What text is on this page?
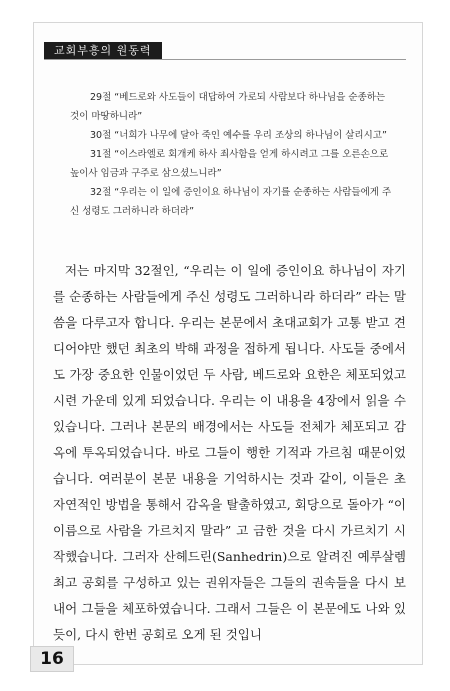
교회부흥의 원동력

29절 “베드로와 사도들이 대답하여 가로되 사람보다 하나님을 순종하는 것이 마땅하니라”

30절 “너희가 나무에 달아 죽인 예수를 우리 조상의 하나님이 살리시고”

31절 “이스라엘로 회개케 하사 죄사함을 얻게 하시려고 그를 오른손으로 높이사 임금과 구주로 삼으셨느니라”

32절 “우리는 이 일에 증인이요 하나님이 자기를 순종하는 사람들에게 주신 성령도 그러하니라 하더라”

저는 마지막 32절인, “우리는 이 일에 증인이요 하나님이 자기를 순종하는 사람들에게 주신 성령도 그러하니라 하더라” 라는 말씀을 다루고자 합니다. 우리는 본문에서 초대교회가 고통 받고 견디어야만 했던 최초의 박해 과정을 접하게 됩니다. 사도들 중에서도 가장 중요한 인물이었던 두 사람, 베드로와 요한은 체포되었고 시련 가운데 있게 되었습니다. 우리는 이 내용을 4장에서 읽을 수 있습니다. 그러나 본문의 배경에서는 사도들 전체가 체포되고 감옥에 투옥되었습니다. 바로 그들이 행한 기적과 가르침 때문이었습니다. 여러분이 본문 내용을 기억하시는 것과 같이, 이들은 초자연적인 방법을 통해서 감옥을 탈출하였고, 회당으로 돌아가 “이 이름으로 사람을 가르치지 말라” 고 금한 것을 다시 가르치기 시작했습니다. 그러자 산헤드린(Sanhedrin)으로 알려진 예루살렘 최고 공회를 구성하고 있는 권위자들은 그들의 권속들을 다시 보내어 그들을 체포하였습니다. 그래서 그들은 이 본문에도 나와 있듯이, 다시 한번 공회로 오게 된 것입니

16
